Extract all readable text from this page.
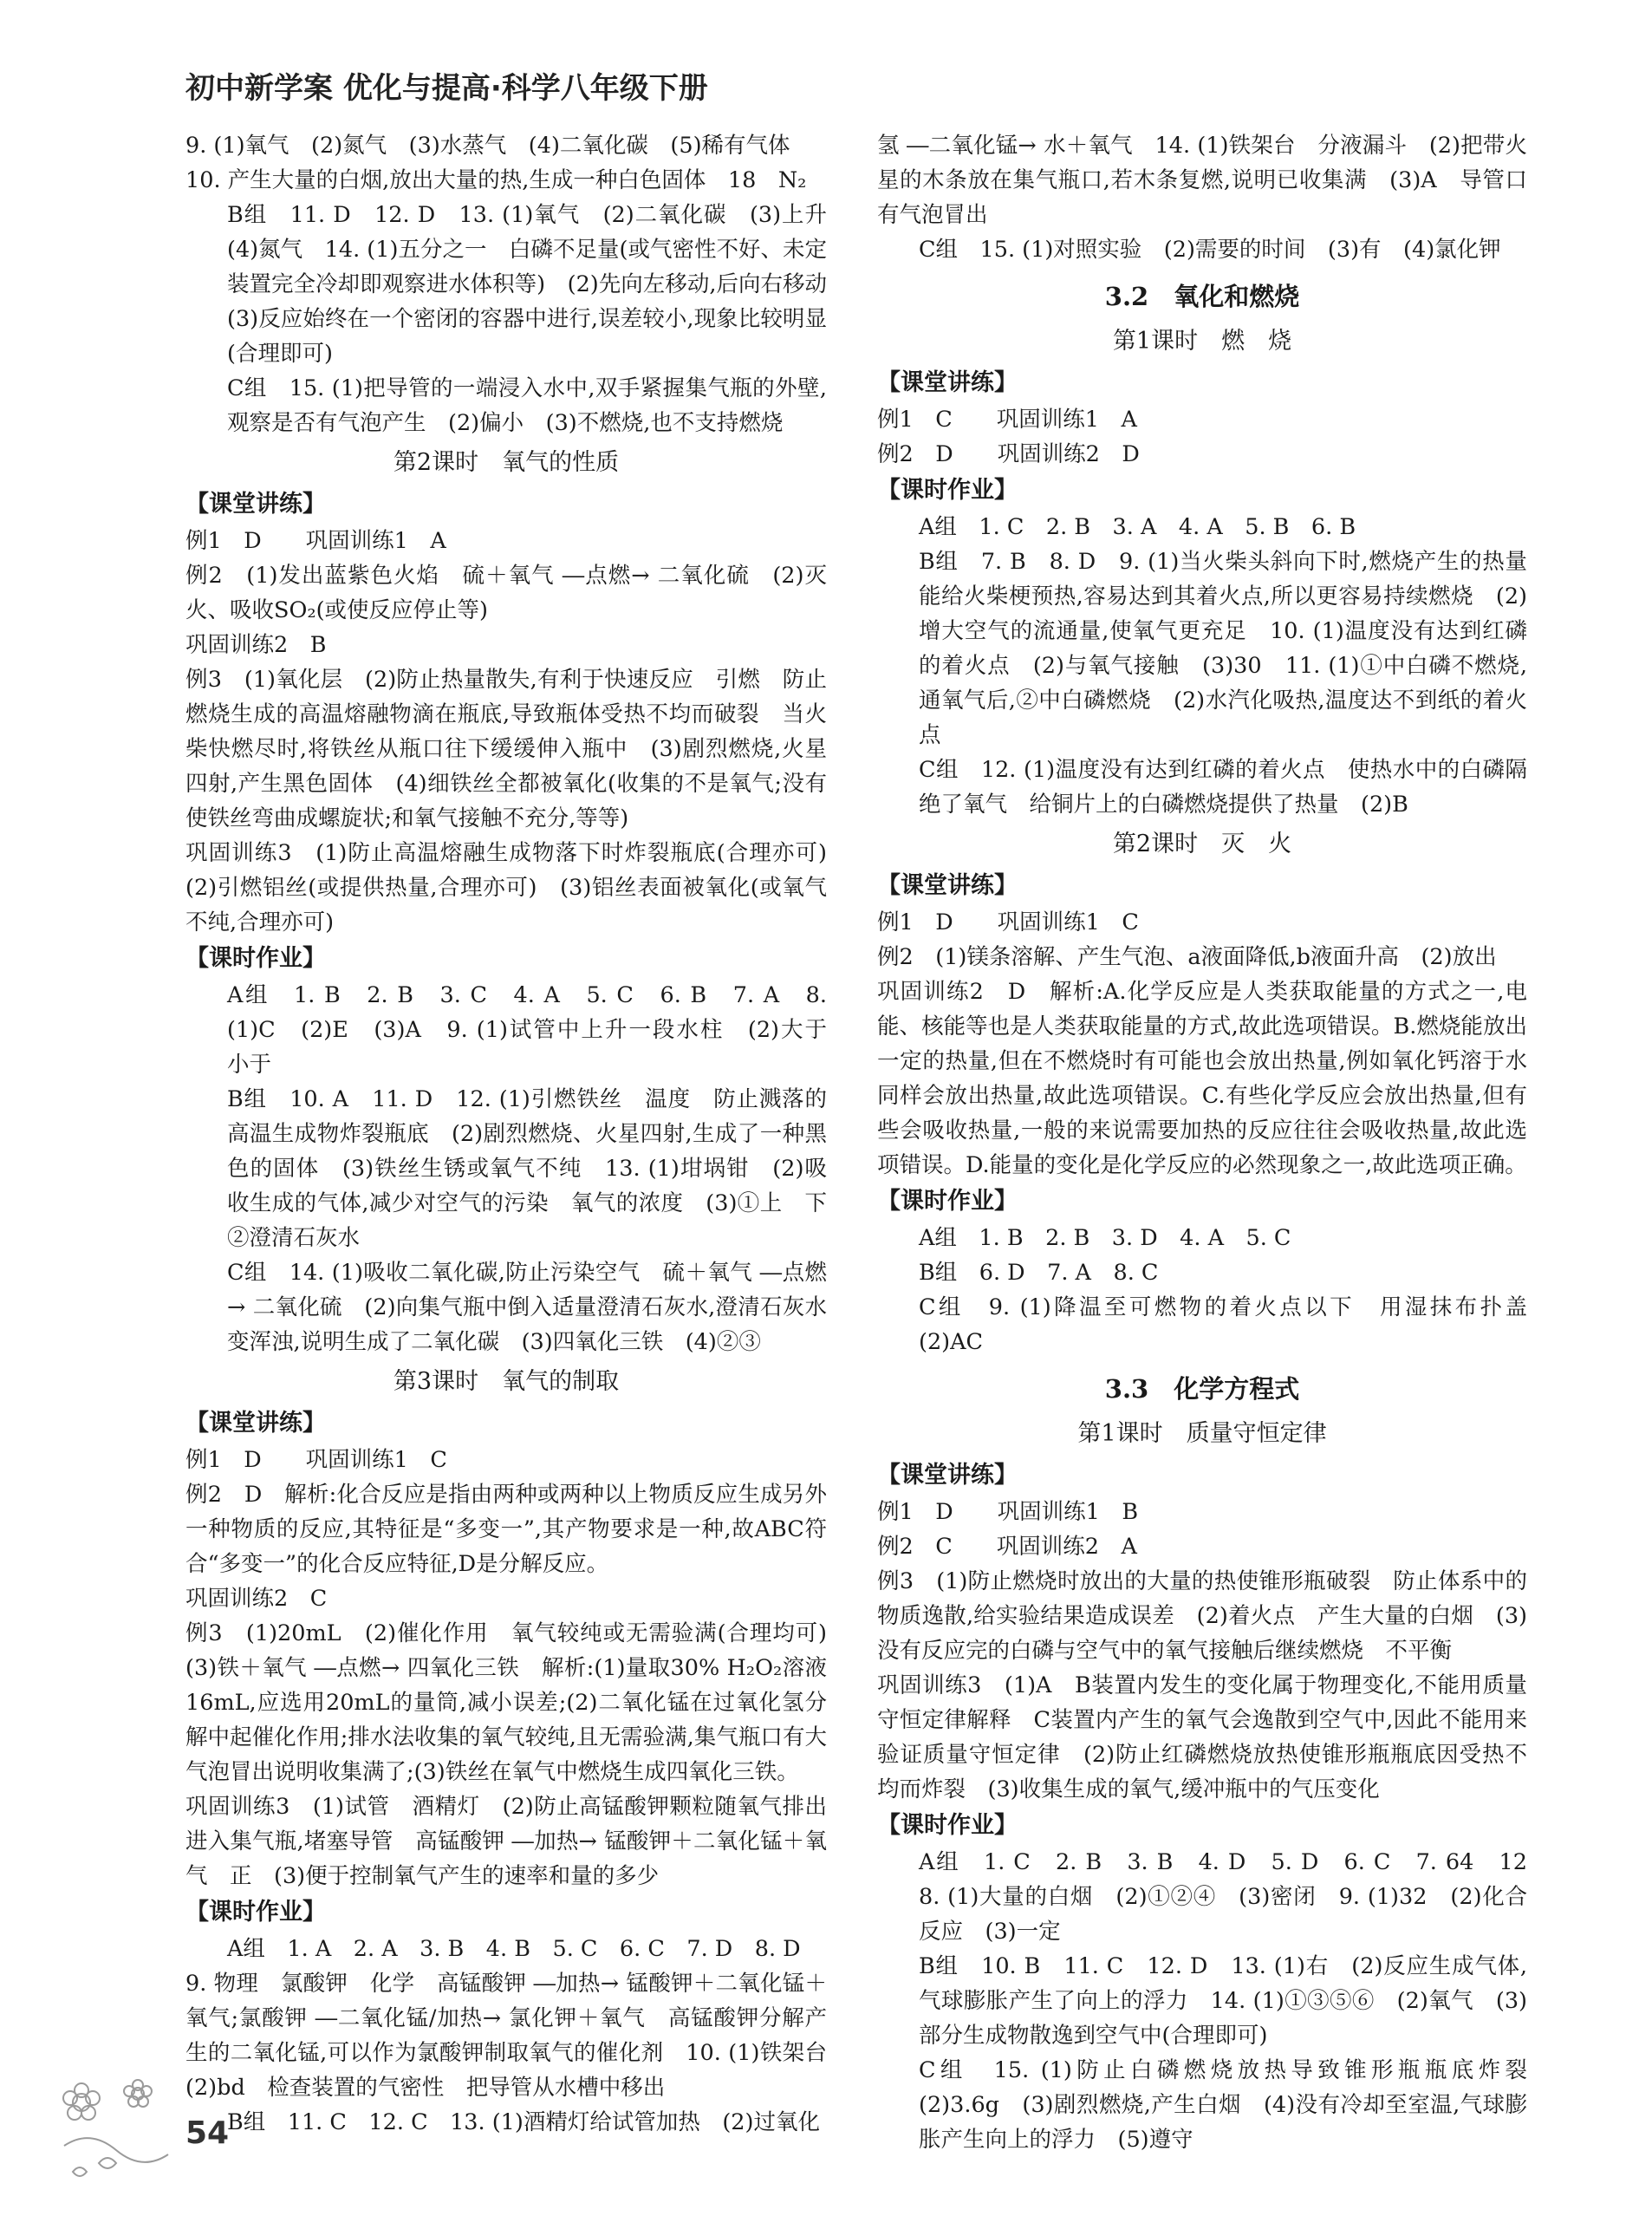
初中新学案 优化与提高·科学八年级下册
9. (1)氧气　(2)氮气　(3)水蒸气　(4)二氧化碳　(5)稀有气体
10. 产生大量的白烟,放出大量的热,生成一种白色固体　18　N₂
B组　11. D　12. D　13. (1)氧气　(2)二氧化碳　(3)上升　(4)氮气　14. (1)五分之一　白磷不足量(或气密性不好、未定装置完全冷却即观察进水体积等)　(2)先向左移动,后向右移动　(3)反应始终在一个密闭的容器中进行,误差较小,现象比较明显(合理即可)
C组　15. (1)把导管的一端浸入水中,双手紧握集气瓶的外壁,观察是否有气泡产生　(2)偏小　(3)不燃烧,也不支持燃烧
第2课时　氧气的性质
【课堂讲练】
例1　D　　巩固训练1　A
例2　(1)发出蓝紫色火焰　硫＋氧气 ―点燃→ 二氧化硫　(2)灭火、吸收SO₂(或使反应停止等)
巩固训练2　B
例3　(1)氧化层　(2)防止热量散失,有利于快速反应　引燃　防止燃烧生成的高温熔融物滴在瓶底,导致瓶体受热不均而破裂　当火柴快燃尽时,将铁丝从瓶口往下缓缓伸入瓶中　(3)剧烈燃烧,火星四射,产生黑色固体　(4)细铁丝全都被氧化(收集的不是氧气;没有使铁丝弯曲成螺旋状;和氧气接触不充分,等等)
巩固训练3　(1)防止高温熔融生成物落下时炸裂瓶底(合理亦可)　(2)引燃铝丝(或提供热量,合理亦可)　(3)铝丝表面被氧化(或氧气不纯,合理亦可)
【课时作业】
A组　1. B　2. B　3. C　4. A　5. C　6. B　7. A　8. (1)C　(2)E　(3)A　9. (1)试管中上升一段水柱　(2)大于　小于
B组　10. A　11. D　12. (1)引燃铁丝　温度　防止溅落的高温生成物炸裂瓶底　(2)剧烈燃烧、火星四射,生成了一种黑色的固体　(3)铁丝生锈或氧气不纯　13. (1)坩埚钳　(2)吸收生成的气体,减少对空气的污染　氧气的浓度　(3)①上　下　②澄清石灰水
C组　14. (1)吸收二氧化碳,防止污染空气　硫＋氧气 ―点燃→ 二氧化硫　(2)向集气瓶中倒入适量澄清石灰水,澄清石灰水变浑浊,说明生成了二氧化碳　(3)四氧化三铁　(4)②③
第3课时　氧气的制取
【课堂讲练】
例1　D　　巩固训练1　C
例2　D　解析:化合反应是指由两种或两种以上物质反应生成另外一种物质的反应,其特征是“多变一”,其产物要求是一种,故ABC符合“多变一”的化合反应特征,D是分解反应。
巩固训练2　C
例3　(1)20mL　(2)催化作用　氧气较纯或无需验满(合理均可)　(3)铁＋氧气 ―点燃→ 四氧化三铁　解析:(1)量取30% H₂O₂溶液16mL,应选用20mL的量筒,减小误差;(2)二氧化锰在过氧化氢分解中起催化作用;排水法收集的氧气较纯,且无需验满,集气瓶口有大气泡冒出说明收集满了;(3)铁丝在氧气中燃烧生成四氧化三铁。
巩固训练3　(1)试管　酒精灯　(2)防止高锰酸钾颗粒随氧气排出进入集气瓶,堵塞导管　高锰酸钾 ―加热→ 锰酸钾＋二氧化锰＋氧气　正　(3)便于控制氧气产生的速率和量的多少
【课时作业】
A组　1. A　2. A　3. B　4. B　5. C　6. C　7. D　8. D
9. 物理　氯酸钾　化学　高锰酸钾 ―加热→ 锰酸钾＋二氧化锰＋氧气;氯酸钾 ―二氧化锰/加热→ 氯化钾＋氧气　高锰酸钾分解产生的二氧化锰,可以作为氯酸钾制取氧气的催化剂　10. (1)铁架台　(2)bd　检查装置的气密性　把导管从水槽中移出
B组　11. C　12. C　13. (1)酒精灯给试管加热　(2)过氧化
氢 ―二氧化锰→ 水＋氧气　14. (1)铁架台　分液漏斗　(2)把带火星的木条放在集气瓶口,若木条复燃,说明已收集满　(3)A　导管口有气泡冒出
C组　15. (1)对照实验　(2)需要的时间　(3)有　(4)氯化钾
3.2　氧化和燃烧
第1课时　燃　烧
【课堂讲练】
例1　C　　巩固训练1　A
例2　D　　巩固训练2　D
【课时作业】
A组　1. C　2. B　3. A　4. A　5. B　6. B
B组　7. B　8. D　9. (1)当火柴头斜向下时,燃烧产生的热量能给火柴梗预热,容易达到其着火点,所以更容易持续燃烧　(2)增大空气的流通量,使氧气更充足　10. (1)温度没有达到红磷的着火点　(2)与氧气接触　(3)30　11. (1)①中白磷不燃烧,通氧气后,②中白磷燃烧　(2)水汽化吸热,温度达不到纸的着火点
C组　12. (1)温度没有达到红磷的着火点　使热水中的白磷隔绝了氧气　给铜片上的白磷燃烧提供了热量　(2)B
第2课时　灭　火
【课堂讲练】
例1　D　　巩固训练1　C
例2　(1)镁条溶解、产生气泡、a液面降低,b液面升高　(2)放出
巩固训练2　D　解析:A.化学反应是人类获取能量的方式之一,电能、核能等也是人类获取能量的方式,故此选项错误。B.燃烧能放出一定的热量,但在不燃烧时有可能也会放出热量,例如氧化钙溶于水同样会放出热量,故此选项错误。C.有些化学反应会放出热量,但有些会吸收热量,一般的来说需要加热的反应往往会吸收热量,故此选项错误。D.能量的变化是化学反应的必然现象之一,故此选项正确。
【课时作业】
A组　1. B　2. B　3. D　4. A　5. C
B组　6. D　7. A　8. C
C组　9. (1)降温至可燃物的着火点以下　用湿抹布扑盖　(2)AC
3.3　化学方程式
第1课时　质量守恒定律
【课堂讲练】
例1　D　　巩固训练1　B
例2　C　　巩固训练2　A
例3　(1)防止燃烧时放出的大量的热使锥形瓶破裂　防止体系中的物质逸散,给实验结果造成误差　(2)着火点　产生大量的白烟　(3)没有反应完的白磷与空气中的氧气接触后继续燃烧　不平衡
巩固训练3　(1)A　B装置内发生的变化属于物理变化,不能用质量守恒定律解释　C装置内产生的氧气会逸散到空气中,因此不能用来验证质量守恒定律　(2)防止红磷燃烧放热使锥形瓶瓶底因受热不均而炸裂　(3)收集生成的氧气,缓冲瓶中的气压变化
【课时作业】
A组　1. C　2. B　3. B　4. D　5. D　6. C　7. 64　12　8. (1)大量的白烟　(2)①②④　(3)密闭　9. (1)32　(2)化合反应　(3)一定
B组　10. B　11. C　12. D　13. (1)右　(2)反应生成气体,气球膨胀产生了向上的浮力　14. (1)①③⑤⑥　(2)氧气　(3)部分生成物散逸到空气中(合理即可)
C组　15. (1)防止白磷燃烧放热导致锥形瓶瓶底炸裂　(2)3.6g　(3)剧烈燃烧,产生白烟　(4)没有冷却至室温,气球膨胀产生向上的浮力　(5)遵守
54
